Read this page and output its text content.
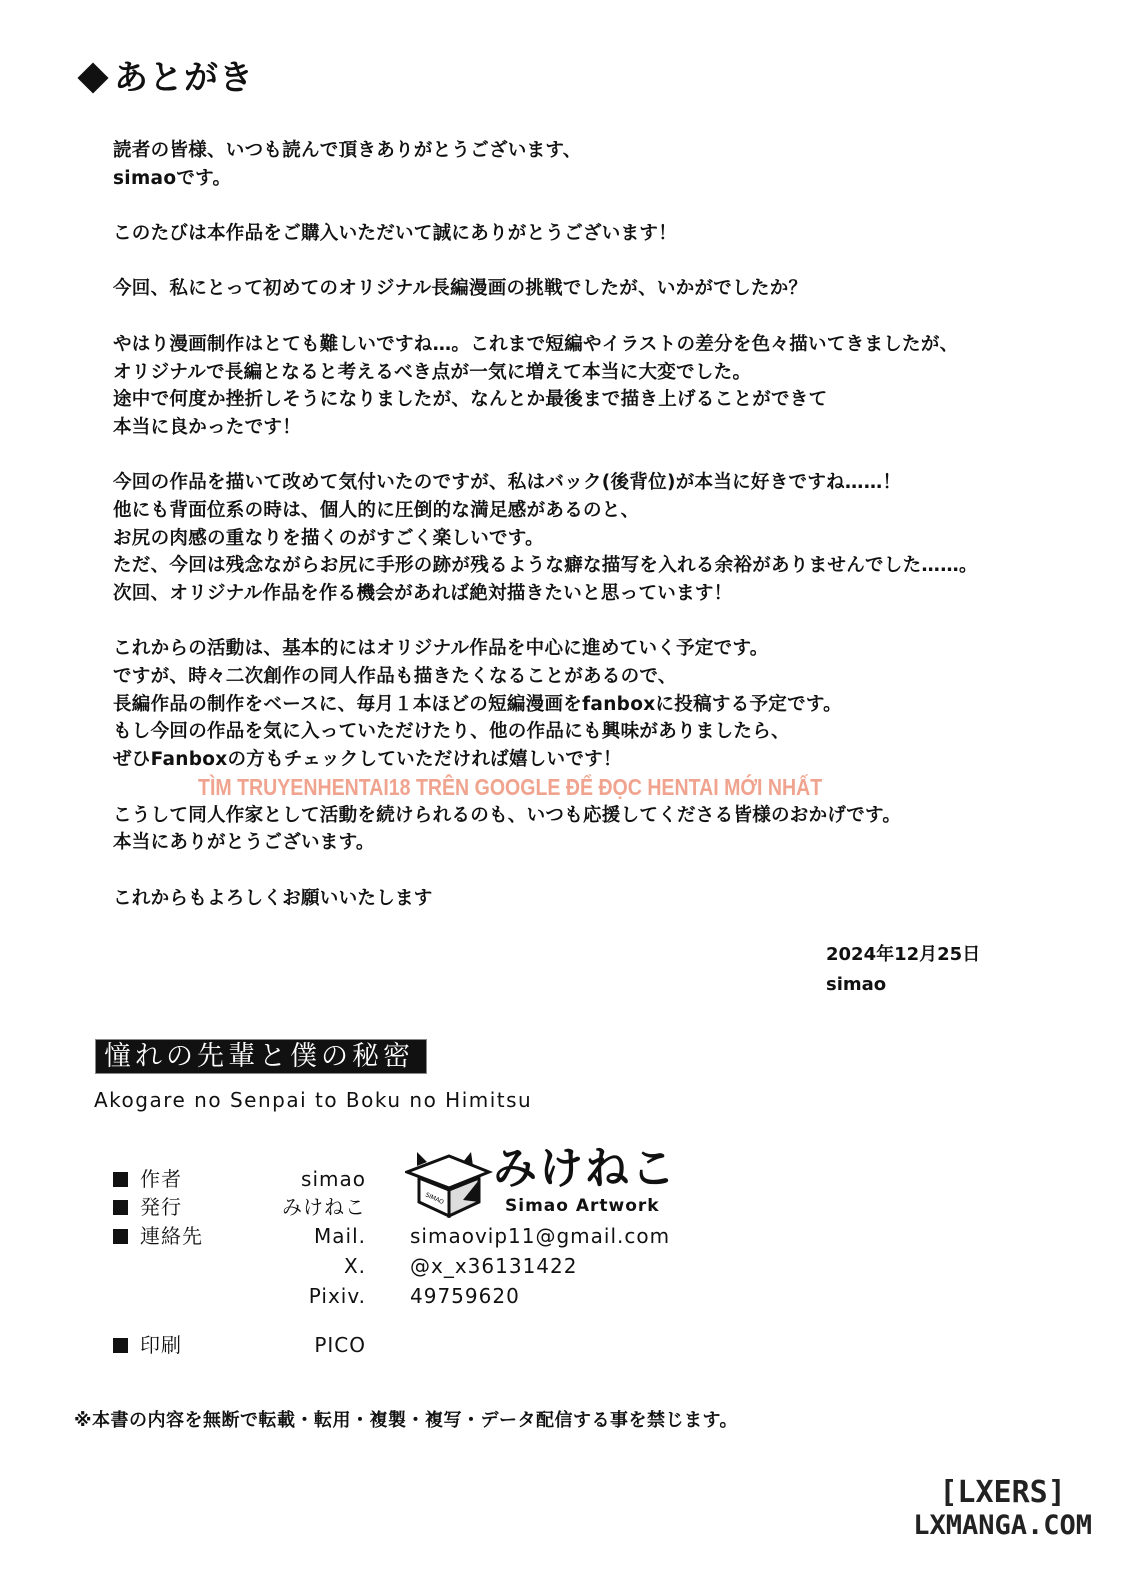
あとがき
読者の皆様、いつも読んで頂きありがとうございます、
simaoです。
このたびは本作品をご購入いただいて誠にありがとうございます！
今回、私にとって初めてのオリジナル長編漫画の挑戦でしたが、いかがでしたか？
やはり漫画制作はとても難しいですね…。これまで短編やイラストの差分を色々描いてきましたが、
オリジナルで長編となると考えるべき点が一気に増えて本当に大変でした。
途中で何度か挫折しそうになりましたが、なんとか最後まで描き上げることができて
本当に良かったです！
今回の作品を描いて改めて気付いたのですが、私はバック(後背位)が本当に好きですね……！
他にも背面位系の時は、個人的に圧倒的な満足感があるのと、
お尻の肉感の重なりを描くのがすごく楽しいです。
ただ、今回は残念ながらお尻に手形の跡が残るような癖な描写を入れる余裕がありませんでした……。
次回、オリジナル作品を作る機会があれば絶対描きたいと思っています！
これからの活動は、基本的にはオリジナル作品を中心に進めていく予定です。
ですが、時々二次創作の同人作品も描きたくなることがあるので、
長編作品の制作をベースに、毎月１本ほどの短編漫画をfanboxに投稿する予定です。
もし今回の作品を気に入っていただけたり、他の作品にも興味がありましたら、
ぜひFanboxの方もチェックしていただければ嬉しいです！
TÌM TRUYENHENTAI18 TRÊN GOOGLE ĐỂ ĐỌC HENTAI MỚI NHẤT
こうして同人作家として活動を続けられるのも、いつも応援してくださる皆様のおかげです。
本当にありがとうございます。
これからもよろしくお願いいたします
2024年12月25日
simao
憧れの先輩と僕の秘密
Akogare no Senpai to Boku no Himitsu
作者	simao
発行	みけねこ
連絡先	Mail. simaovip11@gmail.com
X. @x_x36131422
Pixiv. 49759620
印刷	PICO
SIMAO
みけねこ
Simao Artwork
※本書の内容を無断で転載・転用・複製・複写・データ配信する事を禁じます。
[LXERS]
LXMANGA.COM
